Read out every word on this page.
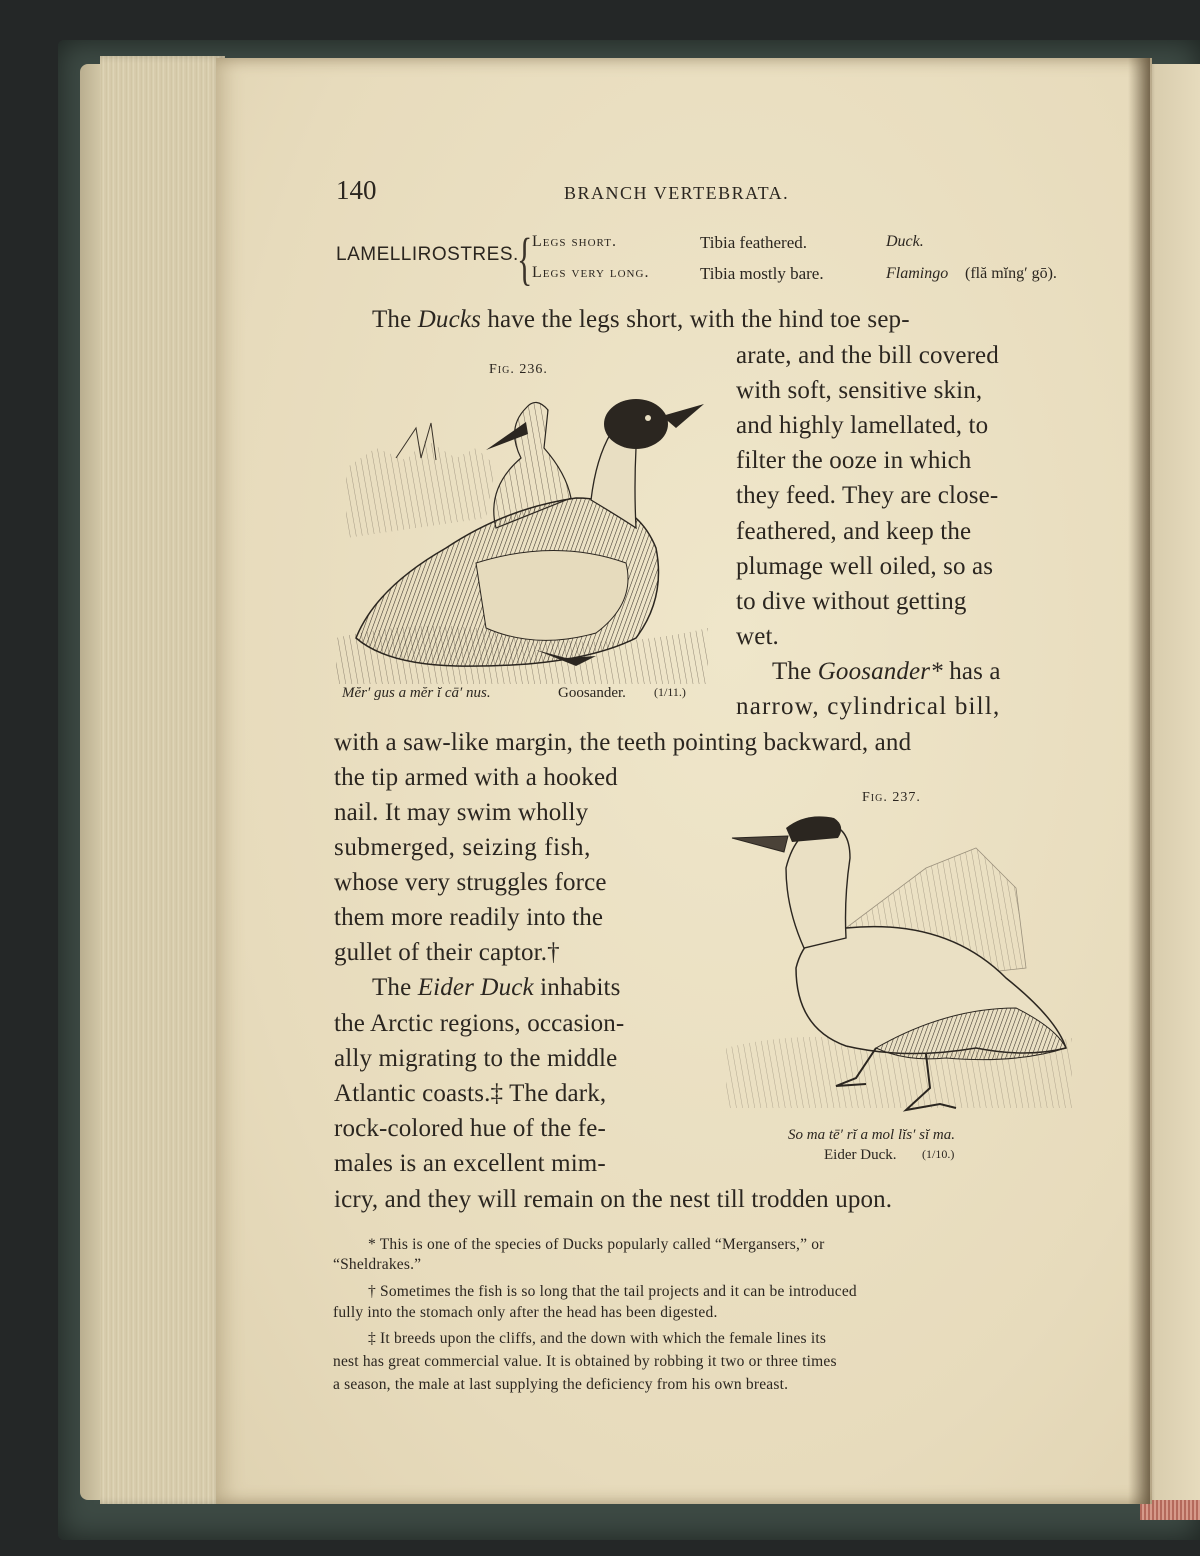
140	BRANCH VERTEBRATA.
LAMELLIROSTRES.
{ Legs short.	Tibia feathered.	Duck.
Legs very long.	Tibia mostly bare.	Flamingo (flă mĭng′ gō).
The Ducks have the legs short, with the hind toe sep-
arate, and the bill covered
with soft, sensitive skin,
and highly lamellated, to
filter the ooze in which
they feed. They are close-
feathered, and keep the
plumage well oiled, so as
to dive without getting
wet.
The Goosander* has a
narrow, cylindrical bill,
with a saw-like margin, the teeth pointing backward, and
the tip armed with a hooked
nail. It may swim wholly
submerged, seizing fish,
whose very struggles force
them more readily into the
gullet of their captor.†
The Eider Duck inhabits
the Arctic regions, occasion-
ally migrating to the middle
Atlantic coasts.‡ The dark,
rock-colored hue of the fe-
males is an excellent mim-
icry, and they will remain on the nest till trodden upon.
Fig. 236.
Mĕr′ gus a mĕr ĭ cā′ nus.	Goosander. (1/11.)
Fig. 237.
So ma tē′ rĭ a mol lĭs′ sĭ ma.
Eider Duck. (1/10.)
* This is one of the species of Ducks popularly called “Mergansers,” or
“Sheldrakes.”
† Sometimes the fish is so long that the tail projects and it can be introduced
fully into the stomach only after the head has been digested.
‡ It breeds upon the cliffs, and the down with which the female lines its
nest has great commercial value. It is obtained by robbing it two or three times
a season, the male at last supplying the deficiency from his own breast.
